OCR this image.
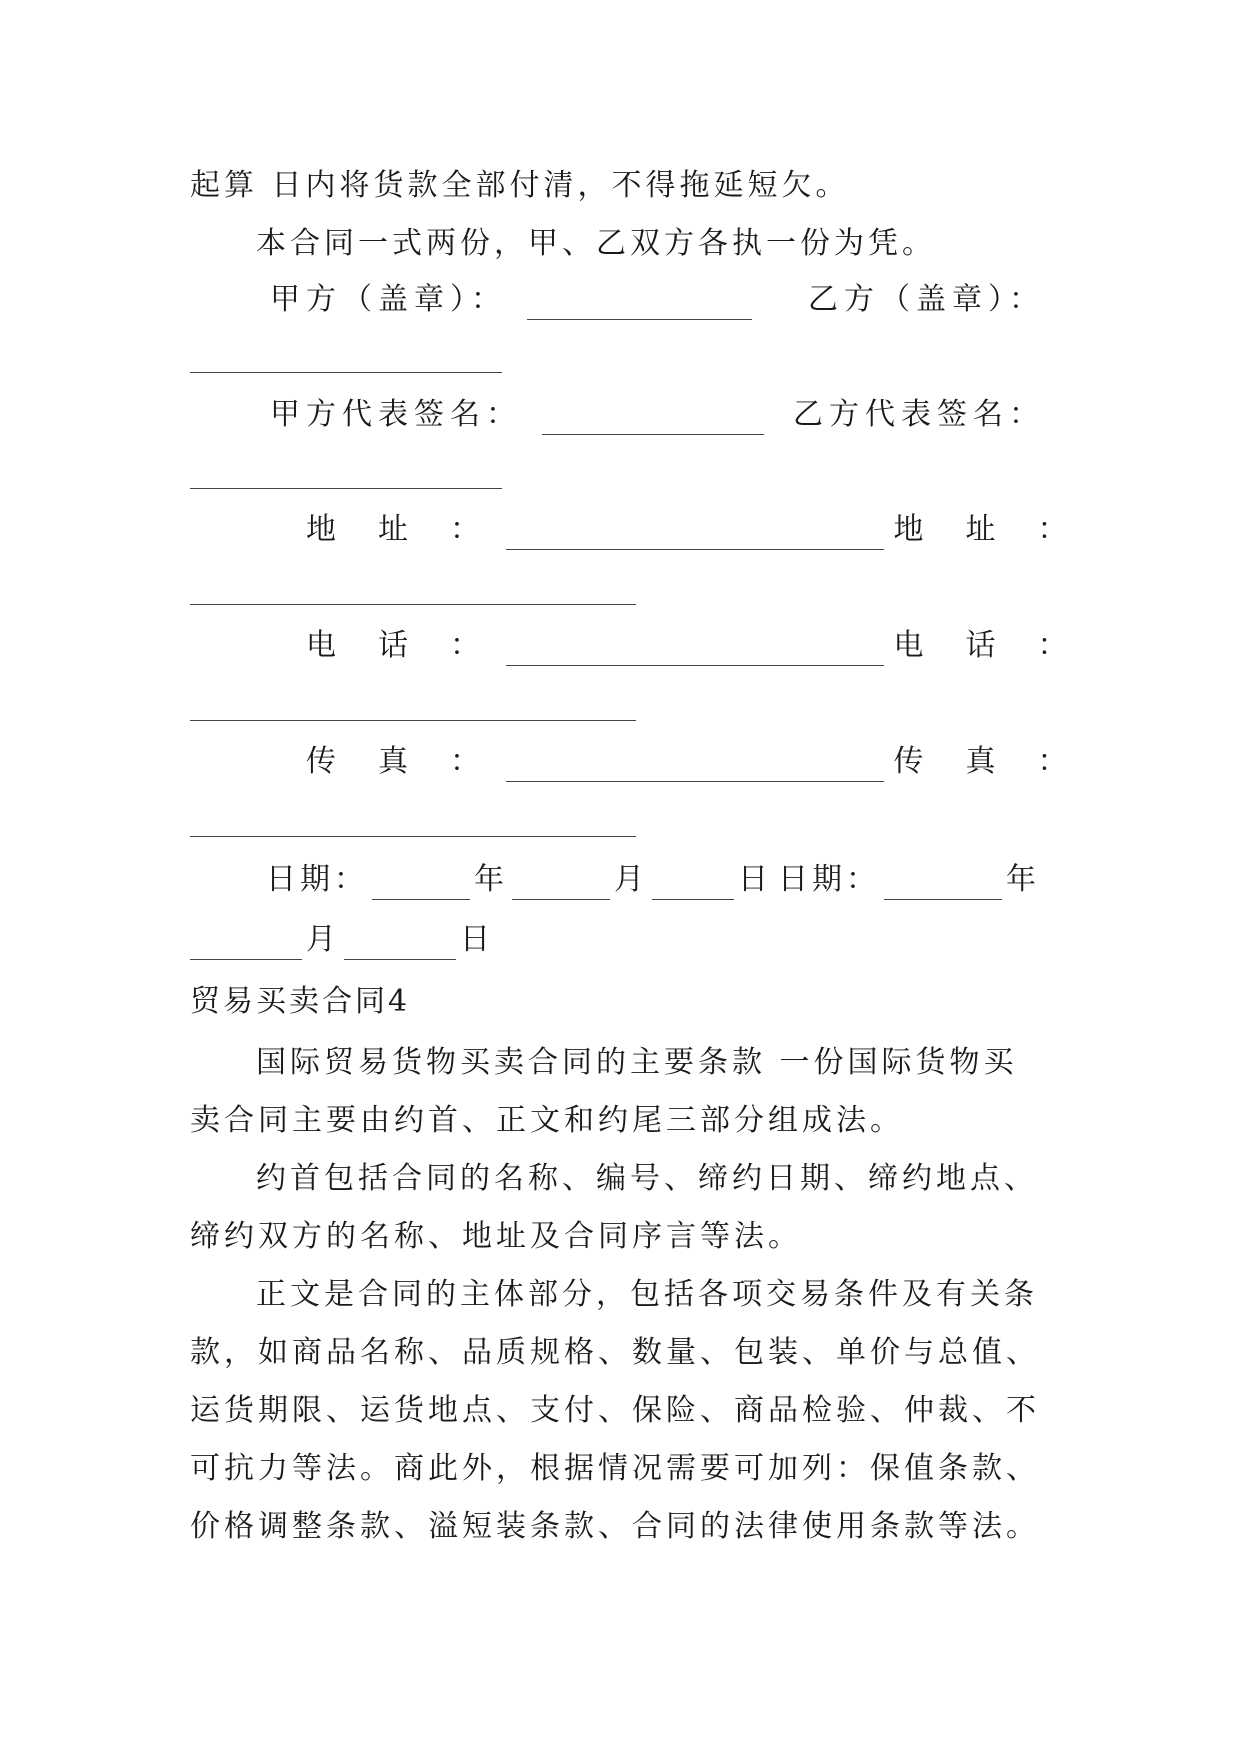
起算 日内将货款全部付清，不得拖延短欠。
本合同一式两份，甲、乙双方各执一份为凭。
甲方（盖章）：	乙方（盖章）：
甲方代表签名：	乙方代表签名：
地　址　：	地　址　：
电　话　：	电　话　：
传　真　：	传　真　：
日期：	年	月	日 日期：	年
月	日
贸易买卖合同4
国际贸易货物买卖合同的主要条款 一份国际货物买卖合同主要由约首、正文和约尾三部分组成法。
约首包括合同的名称、编号、缔约日期、缔约地点、缔约双方的名称、地址及合同序言等法。
正文是合同的主体部分，包括各项交易条件及有关条款，如商品名称、品质规格、数量、包装、单价与总值、运货期限、运货地点、支付、保险、商品检验、仲裁、不可抗力等法。商此外，根据情况需要可加列：保值条款、价格调整条款、溢短装条款、合同的法律使用条款等法。
